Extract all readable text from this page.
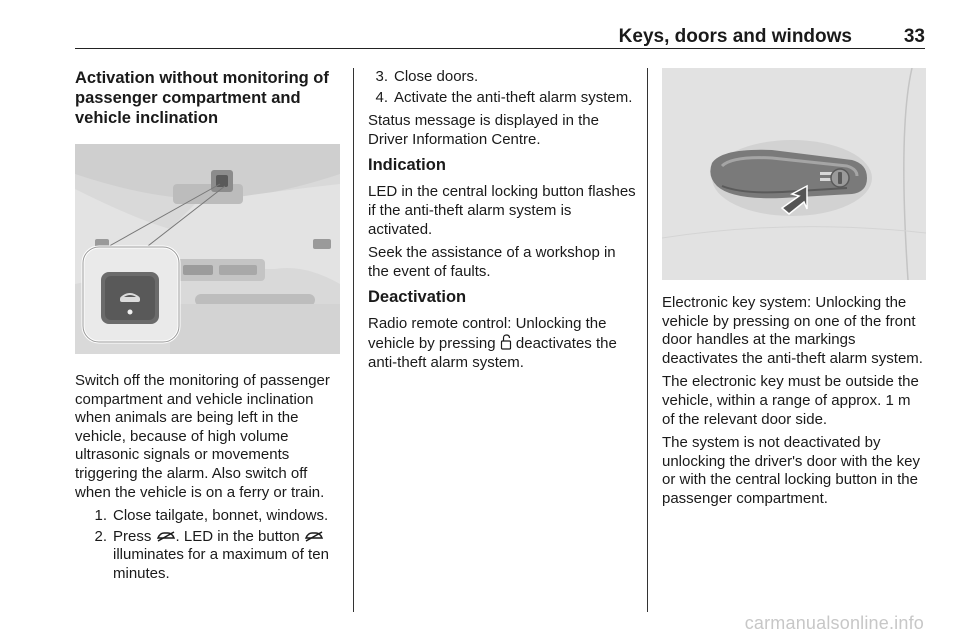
Keys, doors and windows	33
Activation without monitoring of passenger compartment and vehicle inclination

Switch off the monitoring of passenger compartment and vehicle inclination when animals are being left in the vehicle, because of high volume ultrasonic signals or movements triggering the alarm. Also switch off when the vehicle is on a ferry or train.

1. Close tailgate, bonnet, windows.
2. Press . LED in the button  illuminates for a maximum of ten minutes.
3. Close doors.
4. Activate the anti-theft alarm system.

Status message is displayed in the Driver Information Centre.

Indication

LED in the central locking button flashes if the anti-theft alarm system is activated.

Seek the assistance of a workshop in the event of faults.

Deactivation

Radio remote control: Unlocking the vehicle by pressing  deactivates the anti-theft alarm system.

Electronic key system: Unlocking the vehicle by pressing on one of the front door handles at the markings deactivates the anti-theft alarm system.

The electronic key must be outside the vehicle, within a range of approx. 1 m of the relevant door side.

The system is not deactivated by unlocking the driver's door with the key or with the central locking button in the passenger compartment.

carmanualsonline.info
